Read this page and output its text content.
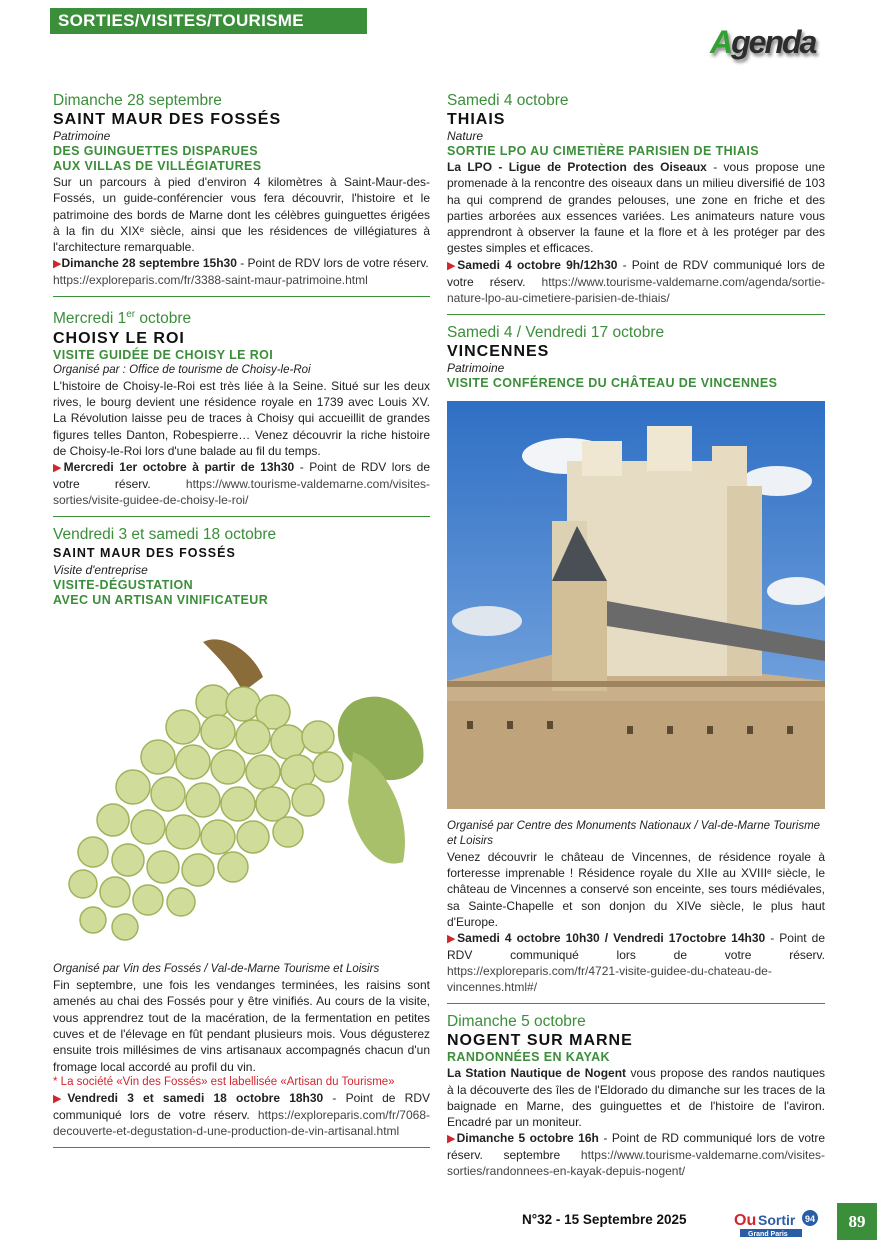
SORTIES/VISITES/TOURISME
Agenda
Dimanche 28 septembre
SAINT MAUR DES FOSSÉS
Patrimoine
DES GUINGUETTES DISPARUES
AUX VILLAS DE VILLÉGIATURES
Sur un parcours à pied d'environ 4 kilomètres à Saint-Maur-des-Fossés, un guide-conférencier vous fera découvrir, l'histoire et le patrimoine des bords de Marne dont les célèbres guinguettes érigées à la fin du XIXᵉ siècle, ainsi que les résidences de villégiatures à l'architecture remarquable.
▶Dimanche 28 septembre 15h30 - Point de RDV lors de votre réserv.
https://exploreparis.com/fr/3388-saint-maur-patrimoine.html
Mercredi 1er octobre
CHOISY LE ROI
VISITE GUIDÉE DE CHOISY LE ROI
Organisé par : Office de tourisme de Choisy-le-Roi
L'histoire de Choisy-le-Roi est très liée à la Seine. Situé sur les deux rives, le bourg devient une résidence royale en 1739 avec Louis XV. La Révolution laisse peu de traces à Choisy qui accueillit de grandes figures telles Danton, Robespierre… Venez découvrir la riche histoire de Choisy-le-Roi lors d'une balade au fil du temps.
▶Mercredi 1er octobre à partir de 13h30 - Point de RDV lors de votre réserv.	https://www.tourisme-valdemarne.com/visites-sorties/visite-guidee-de-choisy-le-roi/
Vendredi 3 et samedi 18 octobre
SAINT MAUR DES FOSSÉS
Visite d'entreprise
VISITE-DÉGUSTATION
AVEC UN ARTISAN VINIFICATEUR
Organisé par Vin des Fossés / Val-de-Marne Tourisme et Loisirs
Fin septembre, une fois les vendanges terminées, les raisins sont amenés au chai des Fossés pour y être vinifiés. Au cours de la visite, vous apprendrez tout de la macération, de la fermentation en petites cuves et de l'élevage en fût pendant plusieurs mois. Vous dégusterez ensuite trois millésimes de vins artisanaux accompagnés chacun d'un fromage local accordé au profil du vin.
* La société «Vin des Fossés» est labellisée «Artisan du Tourisme»
▶Vendredi 3 et samedi 18 octobre 18h30 - Point de RDV communiqué lors de votre réserv. https://exploreparis.com/fr/7068-decouverte-et-degustation-d-une-production-de-vin-artisanal.html
Samedi 4 octobre
THIAIS
Nature
SORTIE LPO AU CIMETIÈRE PARISIEN DE THIAIS
La LPO - Ligue de Protection des Oiseaux - vous propose une promenade à la rencontre des oiseaux dans un milieu diversifié de 103 ha qui comprend de grandes pelouses, une zone en friche et des parties arborées aux essences variées. Les animateurs nature vous apprendront à observer la faune et la flore et à les protéger par des gestes simples et efficaces.
▶Samedi 4 octobre 9h/12h30 - Point de RDV communiqué lors de votre réserv. https://www.tourisme-valdemarne.com/agenda/sortie-nature-lpo-au-cimetiere-parisien-de-thiais/
Samedi 4 / Vendredi 17 octobre
VINCENNES
Patrimoine
VISITE CONFÉRENCE DU CHÂTEAU DE VINCENNES
Organisé par Centre des Monuments Nationaux / Val-de-Marne Tourisme et Loisirs
Venez découvrir le château de Vincennes, de résidence royale à forteresse imprenable ! Résidence royale du XIIe au XVIIIᵉ siècle, le château de Vincennes a conservé son enceinte, ses tours médiévales, sa Sainte-Chapelle et son donjon du XIVe siècle, le plus haut d'Europe.
▶Samedi 4 octobre 10h30 / Vendredi 17octobre 14h30 - Point de RDV communiqué lors de votre réserv. https://exploreparis.com/fr/4721-visite-guidee-du-chateau-de-vincennes.html#/
Dimanche 5 octobre
NOGENT SUR MARNE
RANDONNÉES EN KAYAK
La Station Nautique de Nogent vous propose des randos nautiques à la découverte des îles de l'Eldorado du dimanche sur les traces de la baignade en Marne, des guinguettes et de l'histoire de l'aviron. Encadré par un moniteur.
▶Dimanche 5 octobre 16h - Point de RD communiqué lors de votre réserv. septembre https://www.tourisme-valdemarne.com/visites-sorties/randonnees-en-kayak-depuis-nogent/
N°32 - 15 Septembre 2025	Ou Sortir 94
Grand Paris
89
